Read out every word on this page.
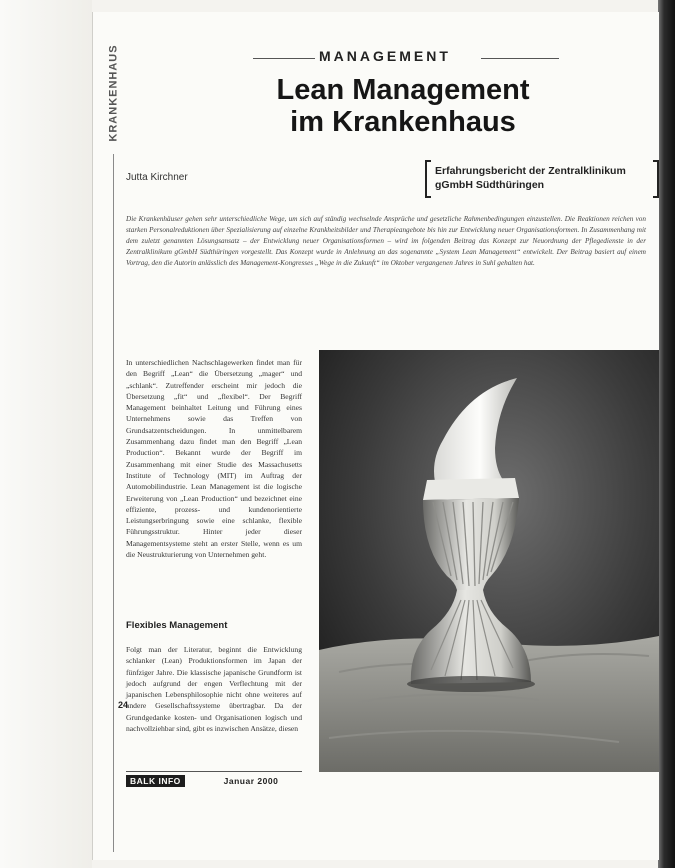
KRANKENHAUS	MANAGEMENT
Lean Management
im Krankenhaus
Jutta Kirchner
Erfahrungsbericht der Zentralklinikum gGmbH Südthüringen
Die Krankenhäuser gehen sehr unterschiedliche Wege, um sich auf ständig wechselnde Ansprüche und gesetzliche Rahmenbedingungen einzustellen. Die Reaktionen reichen von starken Personalreduktionen über Spezialisierung auf einzelne Krankheitsbilder und Therapieangebote bis hin zur Entwicklung neuer Organisationsformen. In Zusammenhang mit dem zuletzt genannten Lösungsansatz – der Entwicklung neuer Organisationsformen – wird im folgenden Beitrag das Konzept zur Neuordnung der Pflegedienste in der Zentralklinikum gGmbH Südthüringen vorgestellt. Das Konzept wurde in Anlehnung an das sogenannte „System Lean Management“ entwickelt. Der Beitrag basiert auf einem Vortrag, den die Autorin anlässlich des Management-Kongresses „Wege in die Zukunft“ im Oktober vergangenen Jahres in Suhl gehalten hat.

In unterschiedlichen Nachschlagewerken findet man für den Begriff „Lean“ die Übersetzung „mager“ und „schlank“. Zutreffender erscheint mir jedoch die Übersetzung „fit“ und „flexibel“. Der Begriff Management beinhaltet Leitung und Führung eines Unternehmens sowie das Treffen von Grundsatzentscheidungen. In unmittelbarem Zusammenhang dazu findet man den Begriff „Lean Production“. Bekannt wurde der Begriff im Zusammenhang mit einer Studie des Massachusetts Institute of Technology (MIT) im Auftrag der Automobilindustrie. Lean Management ist die logische Erweiterung von „Lean Production“ und bezeichnet eine effiziente, prozess- und kundenorientierte Leistungserbringung sowie eine schlanke, flexible Führungsstruktur. Hinter jeder dieser Managementsysteme steht an erster Stelle, wenn es um die Neustrukturierung von Unternehmen geht.

Flexibles Management

Folgt man der Literatur, beginnt die Entwicklung schlanker (Lean) Produktionsformen im Japan der fünfziger Jahre. Die klassische japanische Grundform ist jedoch aufgrund der engen Verflechtung mit der japanischen Lebensphilosophie nicht ohne weiteres auf andere Gesellschaftssysteme übertragbar. Da der Grundgedanke kosten- und Organisationen logisch und nachvollziehbar sind, gibt es inzwischen Ansätze, diesen

24
BALK INFO	Januar 2000
